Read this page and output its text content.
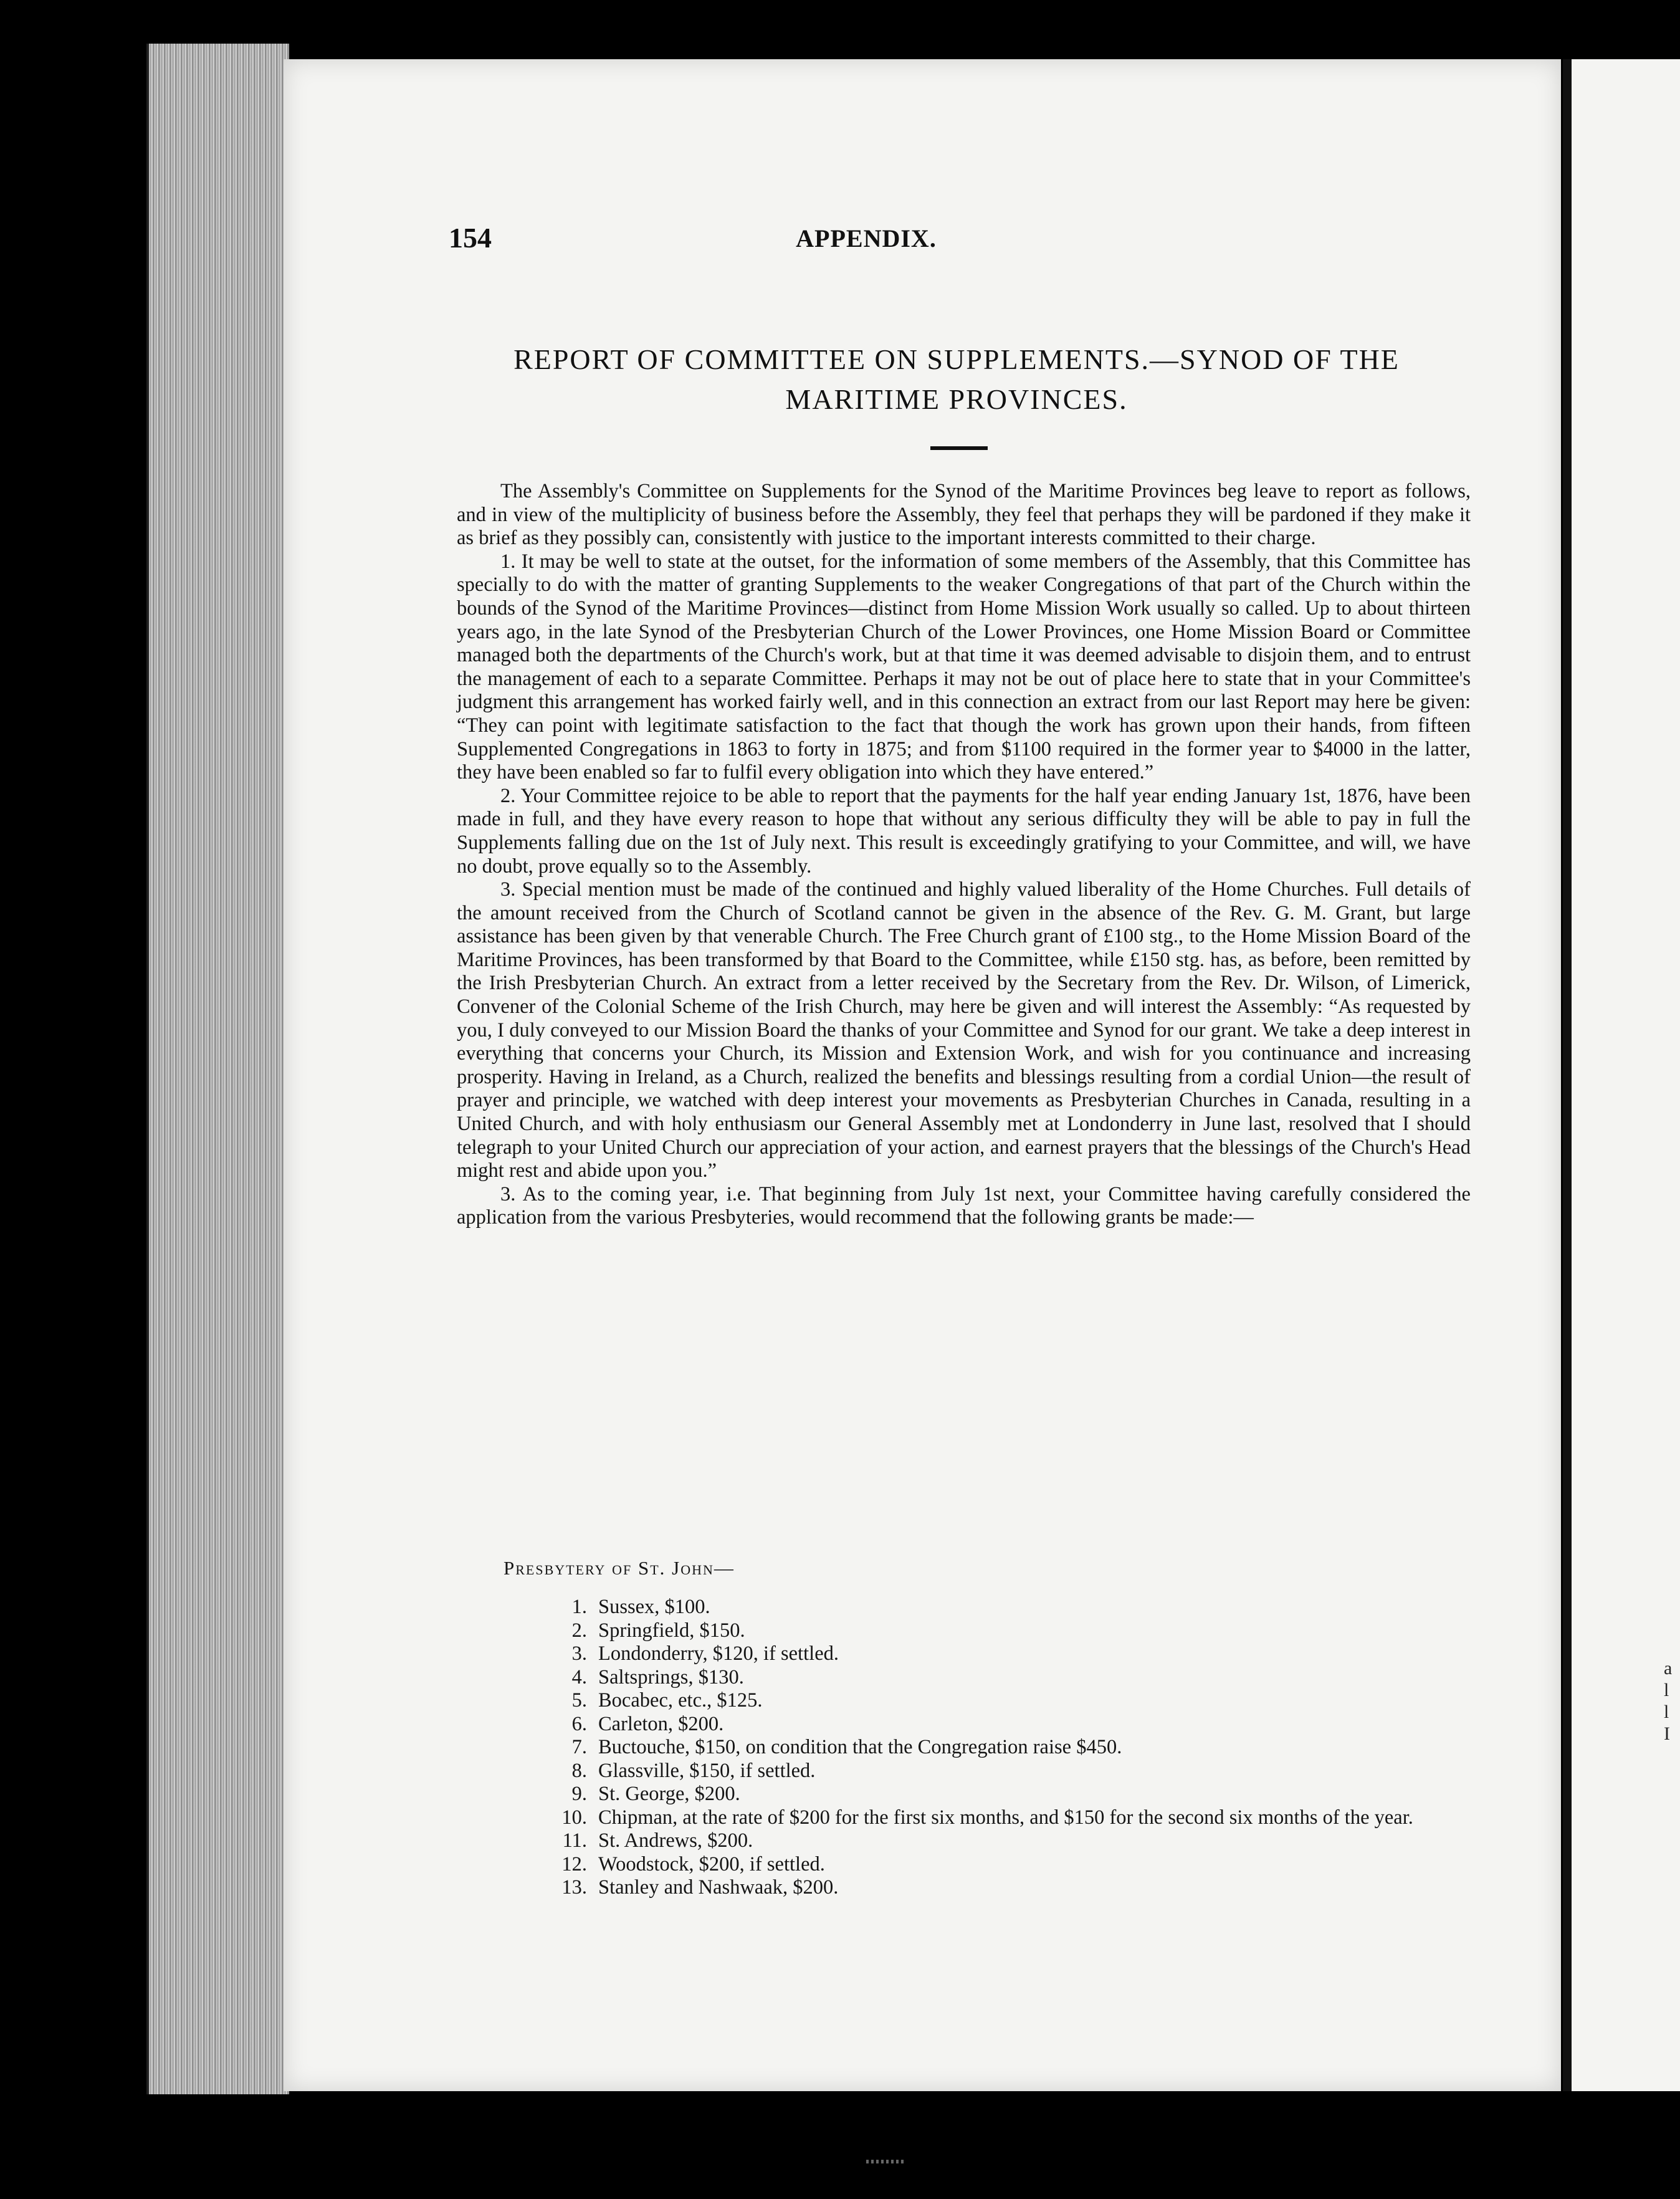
a
l
l
I
154	APPENDIX.
REPORT OF COMMITTEE ON SUPPLEMENTS.—SYNOD OF THE MARITIME PROVINCES.

The Assembly's Committee on Supplements for the Synod of the Maritime Provinces beg leave to report as follows, and in view of the multiplicity of business before the Assembly, they feel that perhaps they will be pardoned if they make it as brief as they possibly can, consistently with justice to the important interests committed to their charge.

1. It may be well to state at the outset, for the information of some members of the Assembly, that this Committee has specially to do with the matter of granting Supplements to the weaker Congregations of that part of the Church within the bounds of the Synod of the Maritime Provinces—distinct from Home Mission Work usually so called. Up to about thirteen years ago, in the late Synod of the Presbyterian Church of the Lower Provinces, one Home Mission Board or Committee managed both the departments of the Church's work, but at that time it was deemed advisable to disjoin them, and to entrust the management of each to a separate Committee. Perhaps it may not be out of place here to state that in your Committee's judgment this arrangement has worked fairly well, and in this connection an extract from our last Report may here be given: “They can point with legitimate satisfaction to the fact that though the work has grown upon their hands, from fifteen Supplemented Congregations in 1863 to forty in 1875; and from $1100 required in the former year to $4000 in the latter, they have been enabled so far to fulfil every obligation into which they have entered.”

2. Your Committee rejoice to be able to report that the payments for the half year ending January 1st, 1876, have been made in full, and they have every reason to hope that without any serious difficulty they will be able to pay in full the Supplements falling due on the 1st of July next. This result is exceedingly gratifying to your Committee, and will, we have no doubt, prove equally so to the Assembly.

3. Special mention must be made of the continued and highly valued liberality of the Home Churches. Full details of the amount received from the Church of Scotland cannot be given in the absence of the Rev. G. M. Grant, but large assistance has been given by that venerable Church. The Free Church grant of £100 stg., to the Home Mission Board of the Maritime Provinces, has been transformed by that Board to the Committee, while £150 stg. has, as before, been remitted by the Irish Presbyterian Church. An extract from a letter received by the Secretary from the Rev. Dr. Wilson, of Limerick, Convener of the Colonial Scheme of the Irish Church, may here be given and will interest the Assembly: “As requested by you, I duly conveyed to our Mission Board the thanks of your Committee and Synod for our grant. We take a deep interest in everything that concerns your Church, its Mission and Extension Work, and wish for you continuance and increasing prosperity. Having in Ireland, as a Church, realized the benefits and blessings resulting from a cordial Union—the result of prayer and principle, we watched with deep interest your movements as Presbyterian Churches in Canada, resulting in a United Church, and with holy enthusiasm our General Assembly met at Londonderry in June last, resolved that I should telegraph to your United Church our appreciation of your action, and earnest prayers that the blessings of the Church's Head might rest and abide upon you.”

3. As to the coming year, i.e. That beginning from July 1st next, your Committee having carefully considered the application from the various Presbyteries, would recommend that the following grants be made:—

Presbytery of St. John—
1. Sussex, $100.
2. Springfield, $150.
3. Londonderry, $120, if settled.
4. Saltsprings, $130.
5. Bocabec, etc., $125.
6. Carleton, $200.
7. Buctouche, $150, on condition that the Congregation raise $450.
8. Glassville, $150, if settled.
9. St. George, $200.
10. Chipman, at the rate of $200 for the first six months, and $150 for the second six months of the year.
11. St. Andrews, $200.
12. Woodstock, $200, if settled.
13. Stanley and Nashwaak, $200.
